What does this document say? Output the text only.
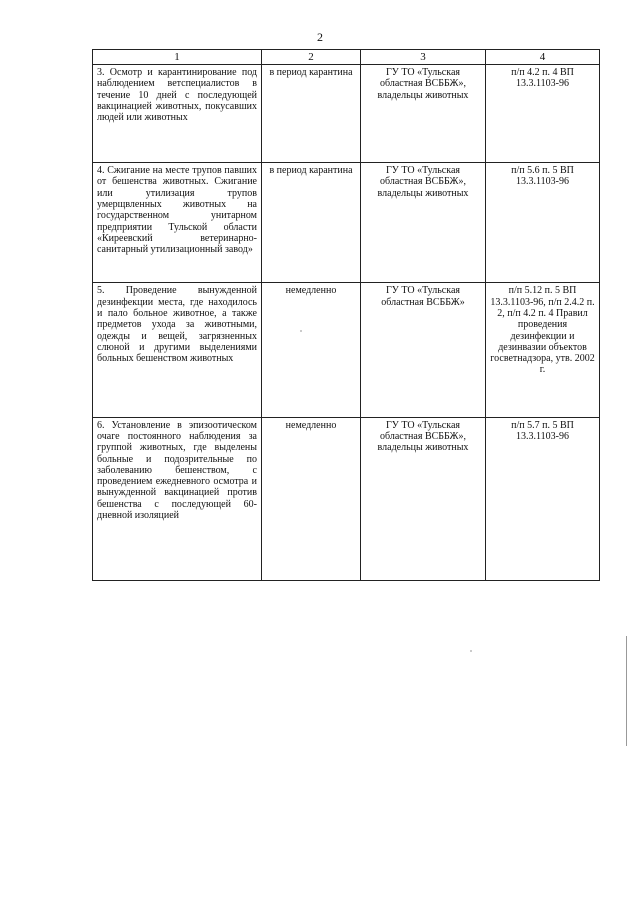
2
1	2	3	4
3. Осмотр и карантинирование под наблюдением ветспециалистов в течение 10 дней с последующей вакцинацией животных, покусавших людей или животных	в период карантина	ГУ ТО «Тульская областная ВСББЖ», владельцы животных	п/п 4.2 п. 4 ВП 13.3.1103-96
4. Сжигание на месте трупов павших от бешенства животных. Сжигание или утилизация трупов умерщвленных животных на государственном унитарном предприятии Тульской области «Киреевский ветеринарно-санитарный утилизационный завод»	в период карантина	ГУ ТО «Тульская областная ВСББЖ», владельцы животных	п/п 5.6 п. 5 ВП 13.3.1103-96
5. Проведение вынужденной дезинфекции места, где находилось и пало больное животное, а также предметов ухода за животными, одежды и вещей, загрязненных слюной и другими выделениями больных бешенством животных	немедленно	ГУ ТО «Тульская областная ВСББЖ»	п/п 5.12 п. 5 ВП 13.3.1103-96, п/п 2.4.2 п. 2, п/п 4.2 п. 4 Правил проведения дезинфекции и дезинвазии объектов госветнадзора, утв. 2002 г.
6. Установление в эпизоотическом очаге постоянного наблюдения за группой животных, где выделены больные и подозрительные по заболеванию бешенством, с проведением ежедневного осмотра и вынужденной вакцинацией против бешенства с последующей 60-дневной изоляцией	немедленно	ГУ ТО «Тульская областная ВСББЖ», владельцы животных	п/п 5.7 п. 5 ВП 13.3.1103-96
